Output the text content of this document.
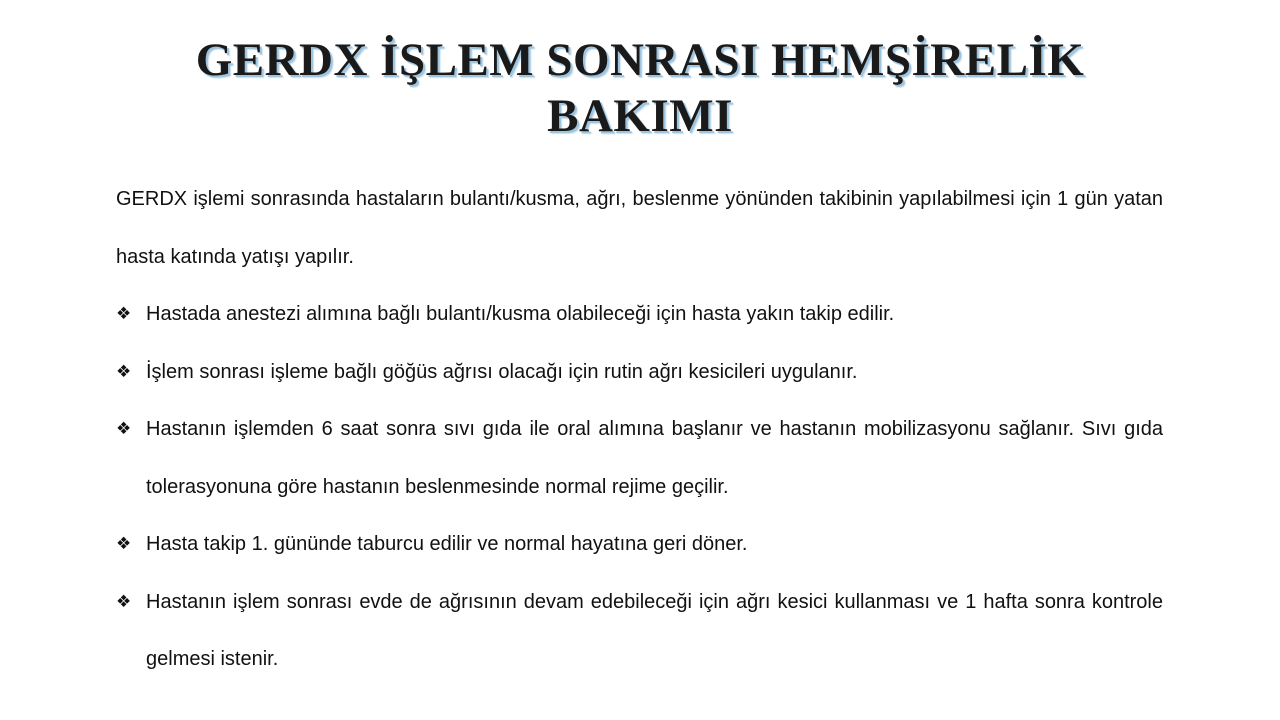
GERDX İŞLEM SONRASI HEMŞİRELİK
BAKIMI

GERDX işlemi sonrasında hastaların bulantı/kusma, ağrı, beslenme yönünden takibinin yapılabilmesi için 1 gün yatan hasta katında yatışı yapılır.

❖ Hastada anestezi alımına bağlı bulantı/kusma olabileceği için hasta yakın takip edilir.
❖ İşlem sonrası işleme bağlı göğüs ağrısı olacağı için rutin ağrı kesicileri uygulanır.
❖ Hastanın işlemden 6 saat sonra sıvı gıda ile oral alımına başlanır ve hastanın mobilizasyonu sağlanır. Sıvı gıda tolerasyonuna göre hastanın beslenmesinde normal rejime geçilir.
❖ Hasta takip 1. gününde taburcu edilir ve normal hayatına geri döner.
❖ Hastanın işlem sonrası evde de ağrısının devam edebileceği için ağrı kesici kullanması ve 1 hafta sonra kontrole gelmesi istenir.
